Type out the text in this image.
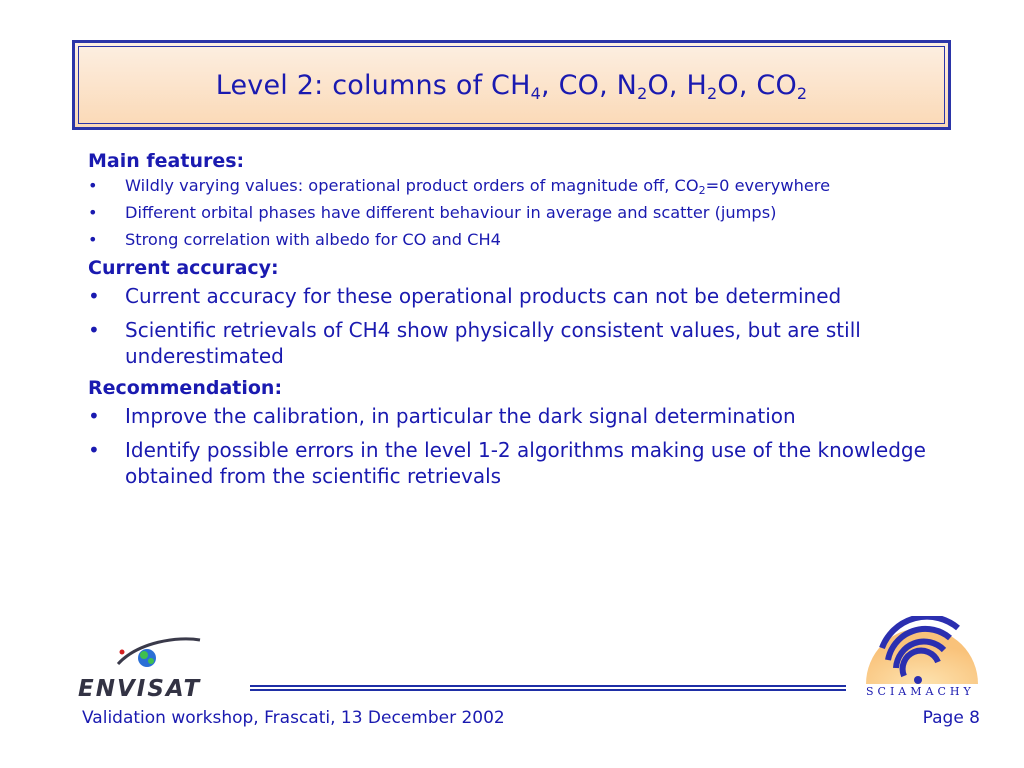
Level 2: columns of $CH_4$, CO, $N_2O$, $H_2O$, $CO_2$
Main features:
• Wildly varying values: operational product orders of magnitude off, $CO_2=0$ everywhere
• Different orbital phases have different behaviour in average and scatter (jumps)
• Strong correlation with albedo for CO and CH4
Current accuracy:
• Current accuracy for these operational products can not be determined
• Scientific retrievals of CH4 show physically consistent values, but are still underestimated
Recommendation:
• Improve the calibration, in particular the dark signal determination
• Identify possible errors in the level 1-2 algorithms making use of the knowledge obtained from the scientific retrievals
ENVISAT	SCIAMACHY
Validation workshop, Frascati, 13 December 2002	Page 8
